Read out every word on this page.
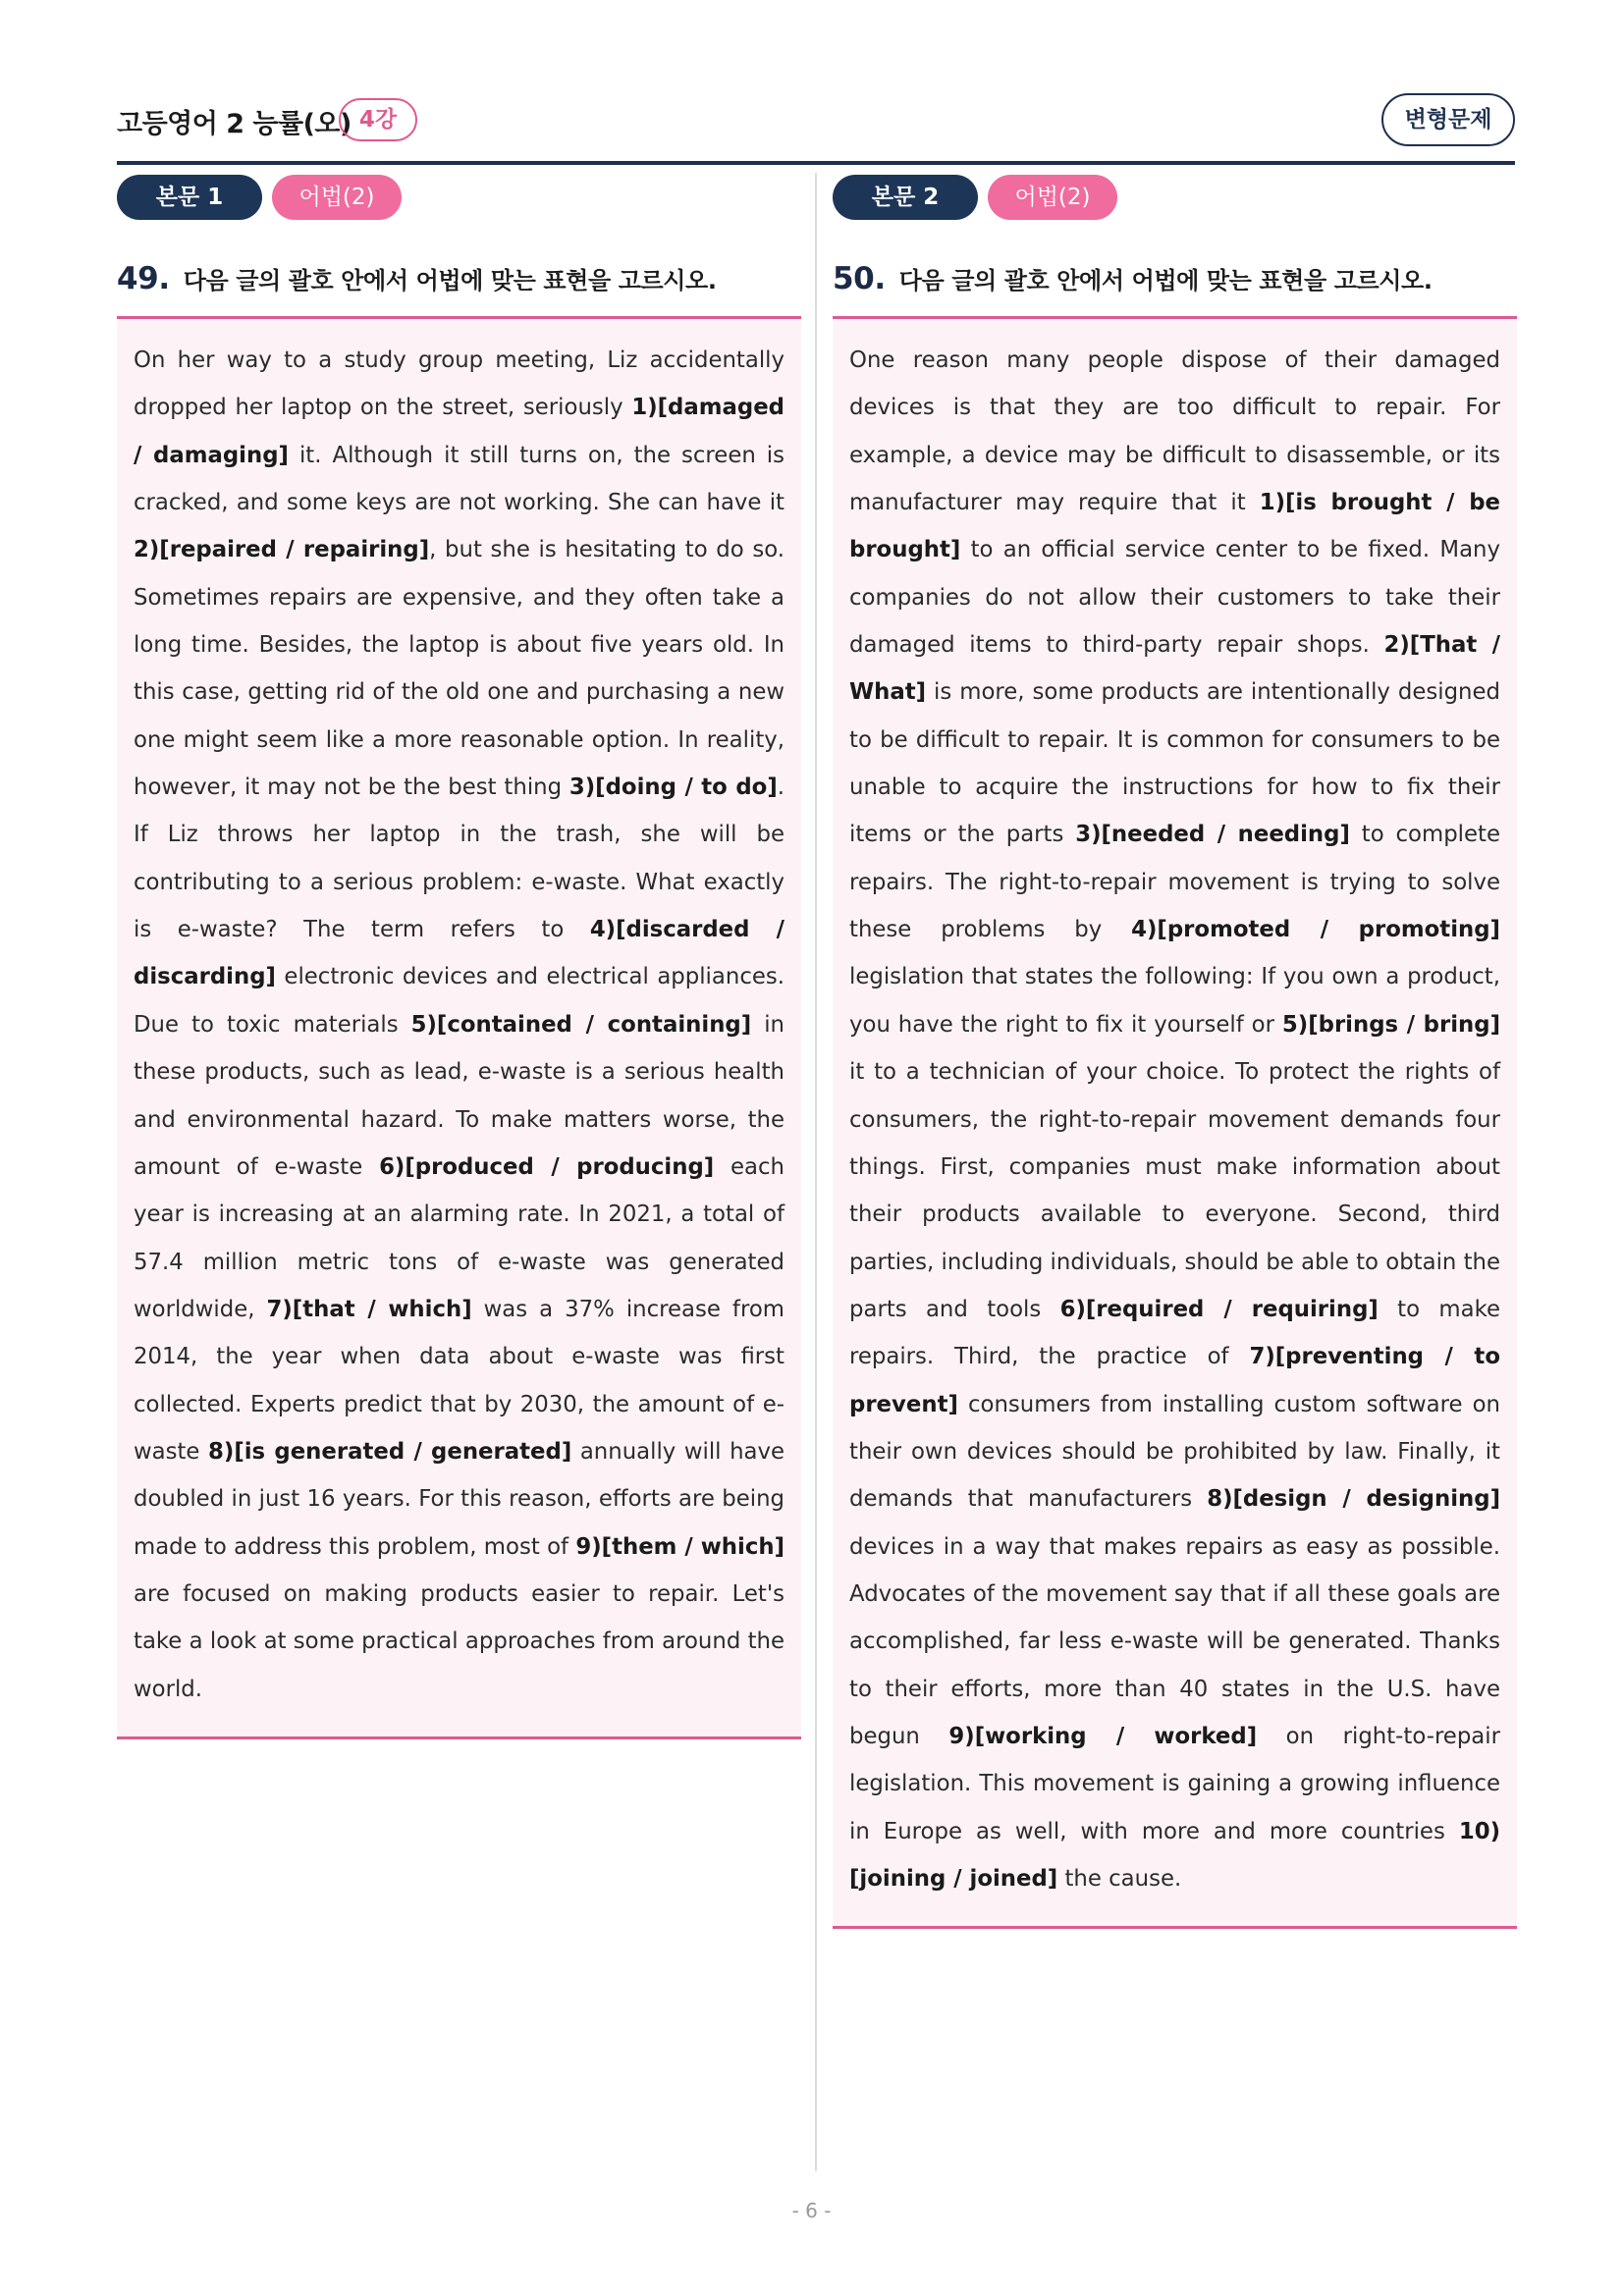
고등영어 2 능률(오) 4강	변형문제
본문 1	어법(2)
49. 다음 글의 괄호 안에서 어법에 맞는 표현을 고르시오.

On her way to a study group meeting, Liz accidentally dropped her laptop on the street, seriously 1)[damaged / damaging] it. Although it still turns on, the screen is cracked, and some keys are not working. She can have it 2)[repaired / repairing], but she is hesitating to do so. Sometimes repairs are expensive, and they often take a long time. Besides, the laptop is about five years old. In this case, getting rid of the old one and purchasing a new one might seem like a more reasonable option. In reality, however, it may not be the best thing 3)[doing / to do]. If Liz throws her laptop in the trash, she will be contributing to a serious problem: e-waste. What exactly is e-waste? The term refers to 4)[discarded / discarding] electronic devices and electrical appliances. Due to toxic materials 5)[contained / containing] in these products, such as lead, e-waste is a serious health and environmental hazard. To make matters worse, the amount of e-waste 6)[produced / producing] each year is increasing at an alarming rate. In 2021, a total of 57.4 million metric tons of e-waste was generated worldwide, 7)[that / which] was a 37% increase from 2014, the year when data about e-waste was first collected. Experts predict that by 2030, the amount of e-waste 8)[is generated / generated] annually will have doubled in just 16 years. For this reason, efforts are being made to address this problem, most of 9)[them / which] are focused on making products easier to repair. Let's take a look at some practical approaches from around the world.

본문 2	어법(2)
50. 다음 글의 괄호 안에서 어법에 맞는 표현을 고르시오.

One reason many people dispose of their damaged devices is that they are too difficult to repair. For example, a device may be difficult to disassemble, or its manufacturer may require that it 1)[is brought / be brought] to an official service center to be fixed. Many companies do not allow their customers to take their damaged items to third-party repair shops. 2)[That / What] is more, some products are intentionally designed to be difficult to repair. It is common for consumers to be unable to acquire the instructions for how to fix their items or the parts 3)[needed / needing] to complete repairs. The right-to-repair movement is trying to solve these problems by 4)[promoted / promoting] legislation that states the following: If you own a product, you have the right to fix it yourself or 5)[brings / bring] it to a technician of your choice. To protect the rights of consumers, the right-to-repair movement demands four things. First, companies must make information about their products available to everyone. Second, third parties, including individuals, should be able to obtain the parts and tools 6)[required / requiring] to make repairs. Third, the practice of 7)[preventing / to prevent] consumers from installing custom software on their own devices should be prohibited by law. Finally, it demands that manufacturers 8)[design / designing] devices in a way that makes repairs as easy as possible. Advocates of the movement say that if all these goals are accomplished, far less e-waste will be generated. Thanks to their efforts, more than 40 states in the U.S. have begun 9)[working / worked] on right-to-repair legislation. This movement is gaining a growing influence in Europe as well, with more and more countries 10)[joining / joined] the cause.

- 6 -
